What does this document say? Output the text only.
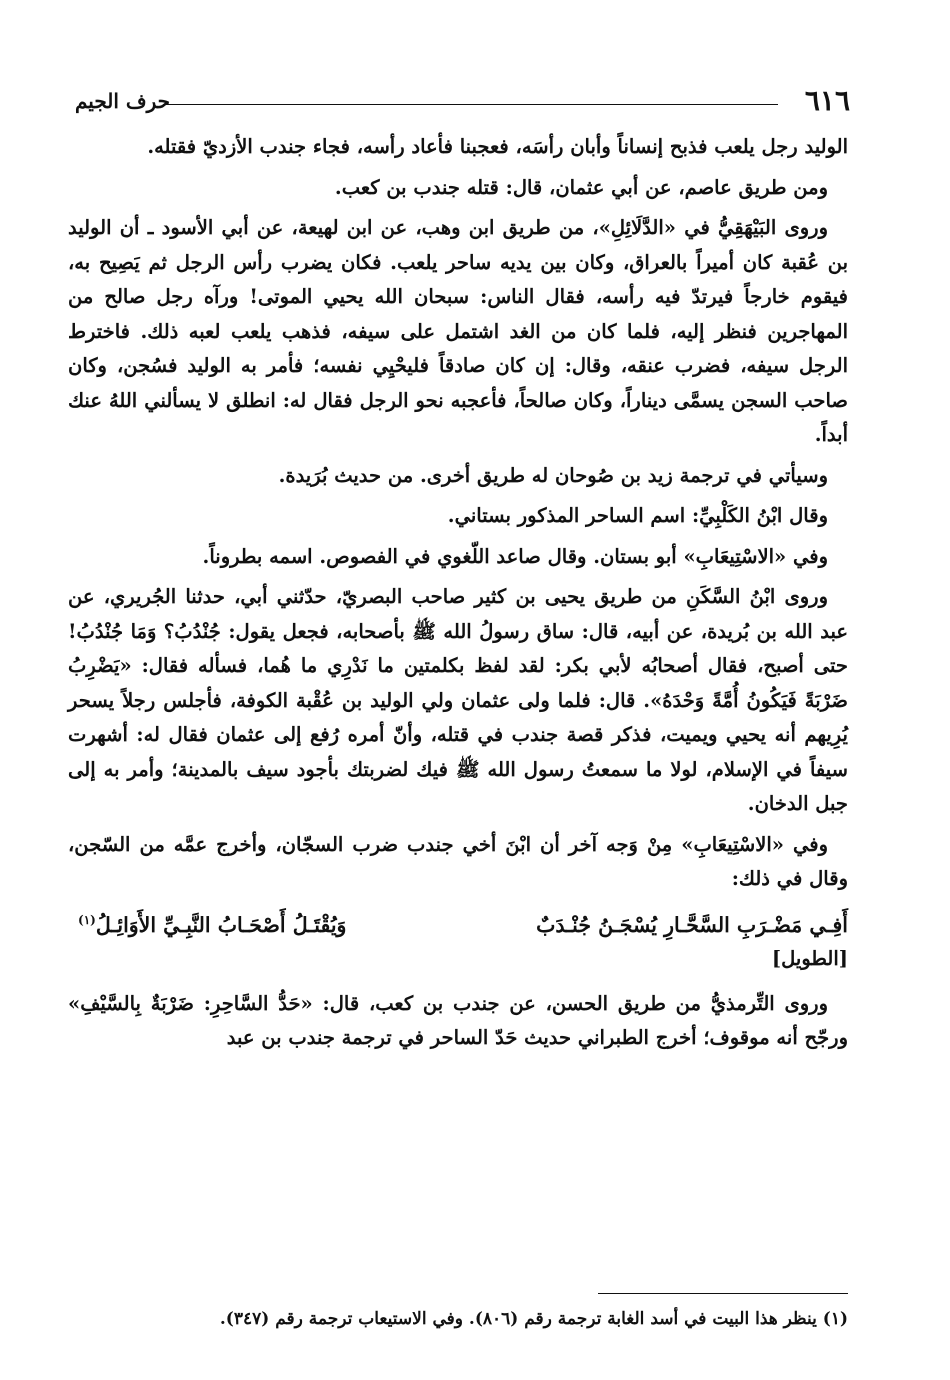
٦١٦
حرف الجيم

الوليد رجل يلعب فذبح إنساناً وأبان رأسَه، فعجبنا فأعاد رأسه، فجاء جندب الأزديّ فقتله.

ومن طريق عاصم، عن أبي عثمان، قال: قتله جندب بن كعب.

وروى البَيْهَقِيُّ في «الدَّلَائِلِ»، من طريق ابن وهب، عن ابن لهيعة، عن أبي الأسود ـ أن الوليد بن عُقبة كان أميراً بالعراق، وكان بين يديه ساحر يلعب. فكان يضرب رأس الرجل ثم يَصِيح به، فيقوم خارجاً فيرتدّ فيه رأسه، فقال الناس: سبحان الله يحيي الموتى! ورآه رجل صالح من المهاجرين فنظر إليه، فلما كان من الغد اشتمل على سيفه، فذهب يلعب لعبه ذلك. فاخترط الرجل سيفه، فضرب عنقه، وقال: إن كان صادقاً فليحْيِي نفسه؛ فأمر به الوليد فسُجن، وكان صاحب السجن يسمَّى ديناراً، وكان صالحاً، فأعجبه نحو الرجل فقال له: انطلق لا يسألني اللهُ عنك أبداً.

وسيأتي في ترجمة زيد بن صُوحان له طريق أخرى. من حديث بُرَيدة.

وقال ابْنُ الكَلْبِيِّ: اسم الساحر المذكور بستاني.

وفي «الاسْتِيعَابِ» أبو بستان. وقال صاعد اللّغوي في الفصوص. اسمه بطروناً.

وروى ابْنُ السَّكَنِ من طريق يحيى بن كثير صاحب البصريّ، حدّثني أبي، حدثنا الجُريري، عن عبد الله بن بُريدة، عن أبيه، قال: ساق رسولُ الله ﷺ بأصحابه، فجعل يقول: جُنْدُبُ؟ وَمَا جُنْدُبُ! حتى أصبح، فقال أصحابُه لأبي بكر: لقد لفظ بكلمتين ما نَدْرِي ما هُما، فسأله فقال: «يَضْرِبُ ضَرْبَةً فَيَكُونُ أُمَّةً وَحْدَهُ». قال: فلما ولى عثمان ولي الوليد بن عُقْبة الكوفة، فأجلس رجلاً يسحر يُرِيهم أنه يحيي ويميت، فذكر قصة جندب في قتله، وأنّ أمره رُفع إلى عثمان فقال له: أشهرت سيفاً في الإسلام، لولا ما سمعتُ رسول الله ﷺ فيك لضربتك بأجود سيف بالمدينة؛ وأمر به إلى جبل الدخان.

وفي «الاسْتِيعَابِ» مِنْ وَجه آخر أن ابْنَ أخي جندب ضرب السجّان، وأخرج عمَّه من السّجن، وقال في ذلك:

أَفِـي مَضْـرَبِ السَّحَّـارِ يُسْجَـنُ جُنْـدَبٌ
وَيُقْتَـلُ أَصْحَـابُ النَّبِـيِّ الأَوَائِـلُ$^{(١)}$
[الطويل]

وروى التِّرمذيُّ من طريق الحسن، عن جندب بن كعب، قال: «حَدُّ السَّاحِرِ: ضَرْبَةٌ بِالسَّيْفِ» ورجّح أنه موقوف؛ أخرج الطبراني حديث حَدّ الساحر في ترجمة جندب بن عبد

(١) ينظر هذا البيت في أسد الغابة ترجمة رقم (٨٠٦). وفي الاستيعاب ترجمة رقم (٣٤٧).
